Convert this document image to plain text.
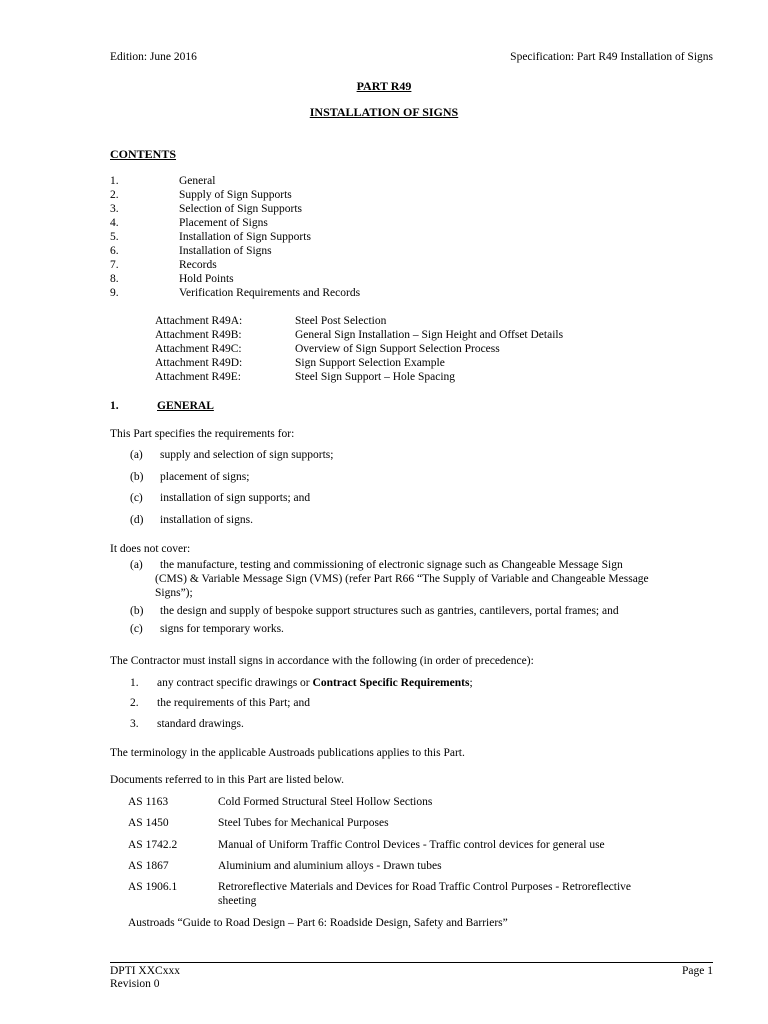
Edition: June 2016	Specification: Part R49 Installation of Signs
PART R49
INSTALLATION OF SIGNS
CONTENTS
1.	General
2.	Supply of Sign Supports
3.	Selection of Sign Supports
4.	Placement of Signs
5.	Installation of Sign Supports
6.	Installation of Signs
7.	Records
8.	Hold Points
9.	Verification Requirements and Records
Attachment R49A:	Steel Post Selection
Attachment R49B:	General Sign Installation – Sign Height and Offset Details
Attachment R49C:	Overview of Sign Support Selection Process
Attachment R49D:	Sign Support Selection Example
Attachment R49E:	Steel Sign Support – Hole Spacing
1.	GENERAL
This Part specifies the requirements for:
(a) supply and selection of sign supports;
(b) placement of signs;
(c) installation of sign supports; and
(d) installation of signs.
It does not cover:
(a) the manufacture, testing and commissioning of electronic signage such as Changeable Message Sign
(CMS) & Variable Message Sign (VMS) (refer Part R66 “The Supply of Variable and Changeable Message
Signs”);
(b) the design and supply of bespoke support structures such as gantries, cantilevers, portal frames; and
(c) signs for temporary works.
The Contractor must install signs in accordance with the following (in order of precedence):
1. any contract specific drawings or Contract Specific Requirements;
2. the requirements of this Part; and
3. standard drawings.
The terminology in the applicable Austroads publications applies to this Part.
Documents referred to in this Part are listed below.
AS 1163	Cold Formed Structural Steel Hollow Sections
AS 1450	Steel Tubes for Mechanical Purposes
AS 1742.2	Manual of Uniform Traffic Control Devices - Traffic control devices for general use
AS 1867	Aluminium and aluminium alloys - Drawn tubes
AS 1906.1	Retroreflective Materials and Devices for Road Traffic Control Purposes - Retroreflective
sheeting
Austroads “Guide to Road Design – Part 6: Roadside Design, Safety and Barriers”
DPTI XXCxxx
Revision 0
Page 1
